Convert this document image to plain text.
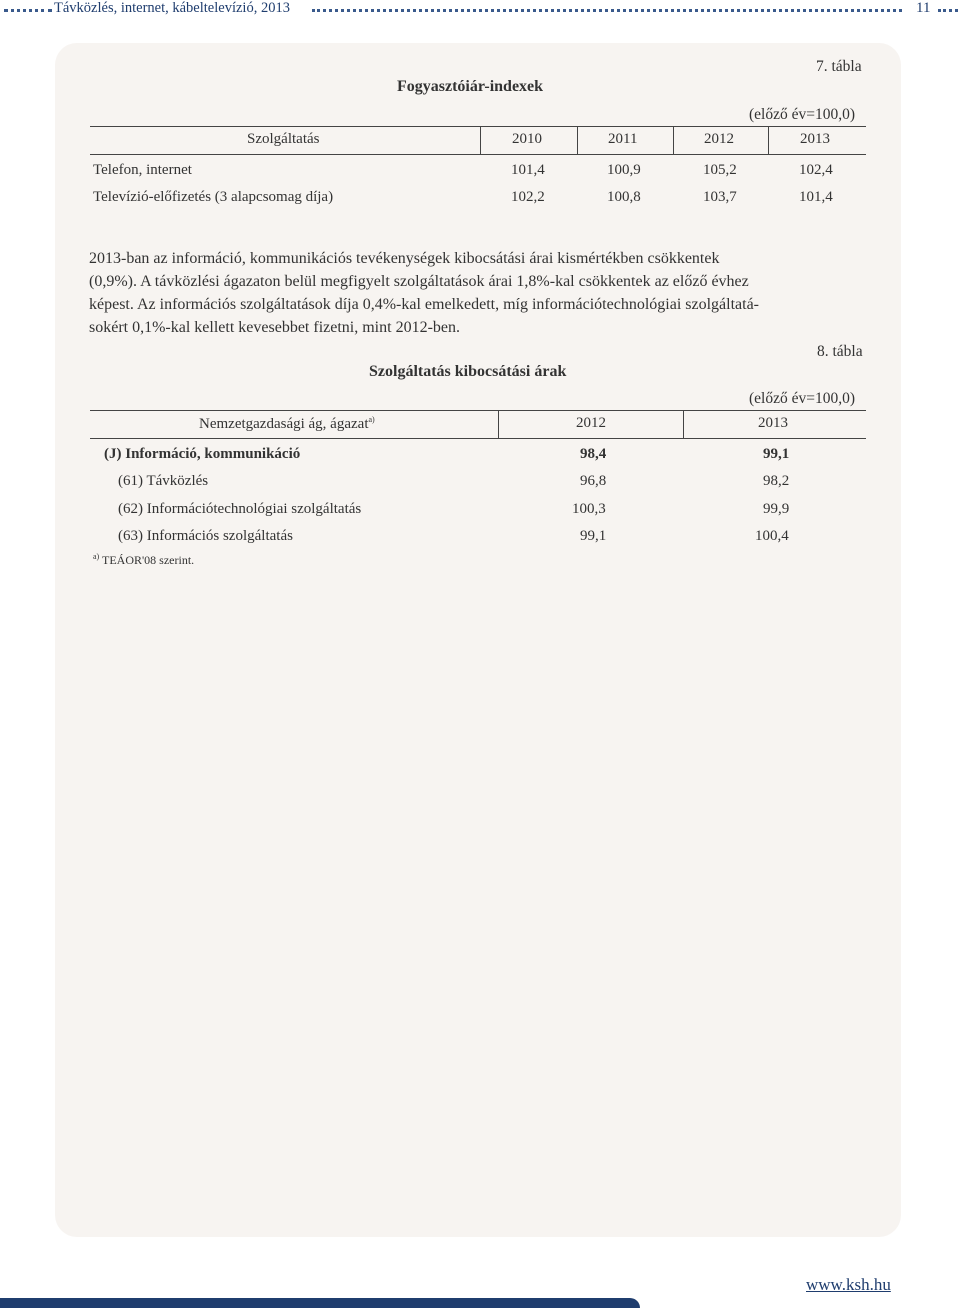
Távközlés, internet, kábeltelevízió, 2013	11
7. tábla
Fogyasztóiár-indexek
(előző év=100,0)
Szolgáltatás	2010	2011	2012	2013
Telefon, internet	101,4	100,9	105,2	102,4
Televízió-előfizetés (3 alapcsomag díja)	102,2	100,8	103,7	101,4
2013-ban az információ, kommunikációs tevékenységek kibocsátási árai kismértékben csökkentek
(0,9%). A távközlési ágazaton belül megfigyelt szolgáltatások árai 1,8%-kal csökkentek az előző évhez
képest. Az információs szolgáltatások díja 0,4%-kal emelkedett, míg információtechnológiai szolgáltatá-
sokért 0,1%-kal kellett kevesebbet fizetni, mint 2012-ben.
8. tábla
Szolgáltatás kibocsátási árak
(előző év=100,0)
Nemzetgazdasági ág, ágazat$^{a)}$	2012	2013
(J) Információ, kommunikáció	98,4	99,1
(61) Távközlés	96,8	98,2
(62) Információtechnológiai szolgáltatás	100,3	99,9
(63) Információs szolgáltatás	99,1	100,4
$^{a)}$ TEÁOR'08 szerint.
www.ksh.hu
